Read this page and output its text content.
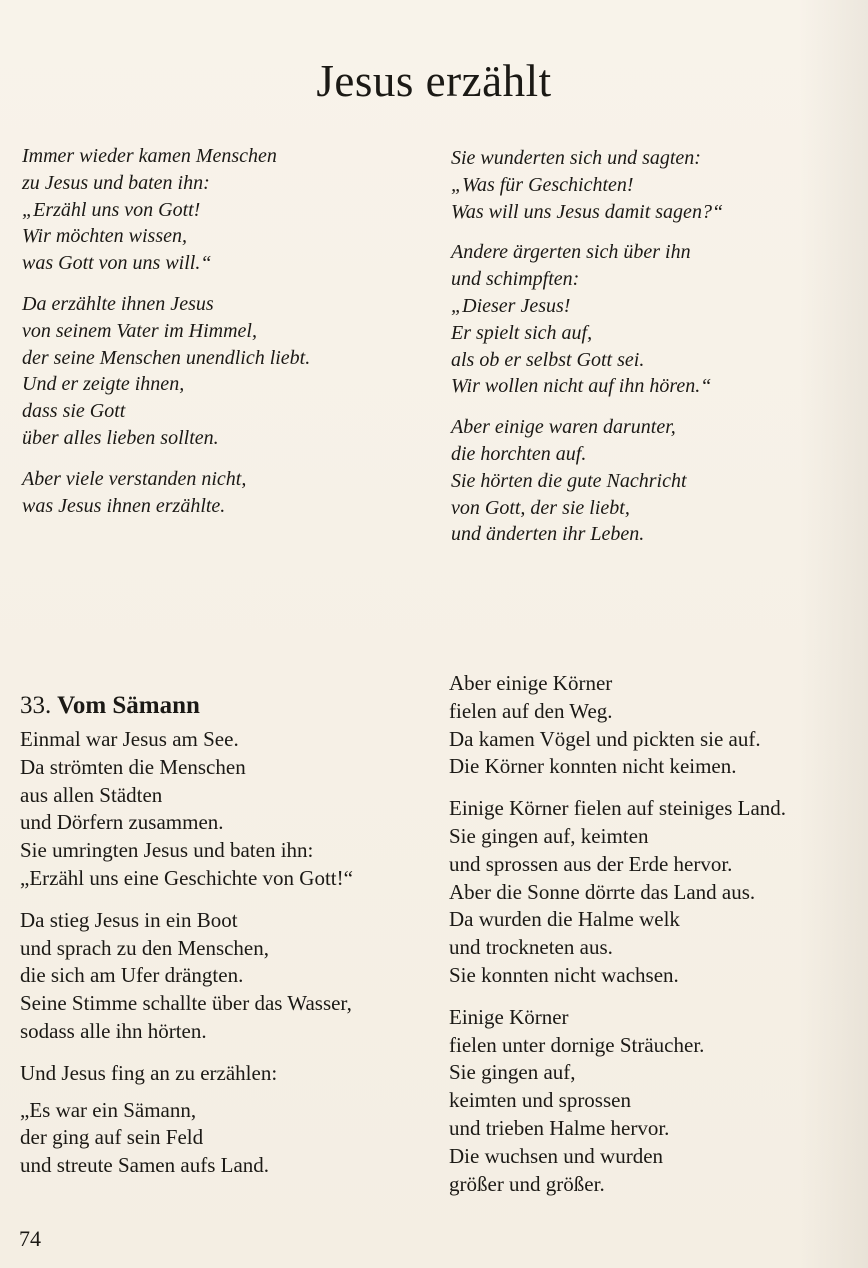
Jesus erzählt
Immer wieder kamen Menschen
zu Jesus und baten ihn:
„Erzähl uns von Gott!
Wir möchten wissen,
was Gott von uns will.“
Da erzählte ihnen Jesus
von seinem Vater im Himmel,
der seine Menschen unendlich liebt.
Und er zeigte ihnen,
dass sie Gott
über alles lieben sollten.
Aber viele verstanden nicht,
was Jesus ihnen erzählte.
Sie wunderten sich und sagten:
„Was für Geschichten!
Was will uns Jesus damit sagen?“
Andere ärgerten sich über ihn
und schimpften:
„Dieser Jesus!
Er spielt sich auf,
als ob er selbst Gott sei.
Wir wollen nicht auf ihn hören.“
Aber einige waren darunter,
die horchten auf.
Sie hörten die gute Nachricht
von Gott, der sie liebt,
und änderten ihr Leben.
33. Vom Sämann
Einmal war Jesus am See.
Da strömten die Menschen
aus allen Städten
und Dörfern zusammen.
Sie umringten Jesus und baten ihn:
„Erzähl uns eine Geschichte von Gott!“
Da stieg Jesus in ein Boot
und sprach zu den Menschen,
die sich am Ufer drängten.
Seine Stimme schallte über das Wasser,
sodass alle ihn hörten.
Und Jesus fing an zu erzählen:
„Es war ein Sämann,
der ging auf sein Feld
und streute Samen aufs Land.
Aber einige Körner
fielen auf den Weg.
Da kamen Vögel und pickten sie auf.
Die Körner konnten nicht keimen.
Einige Körner fielen auf steiniges Land.
Sie gingen auf, keimten
und sprossen aus der Erde hervor.
Aber die Sonne dörrte das Land aus.
Da wurden die Halme welk
und trockneten aus.
Sie konnten nicht wachsen.
Einige Körner
fielen unter dornige Sträucher.
Sie gingen auf,
keimten und sprossen
und trieben Halme hervor.
Die wuchsen und wurden
größer und größer.
74
